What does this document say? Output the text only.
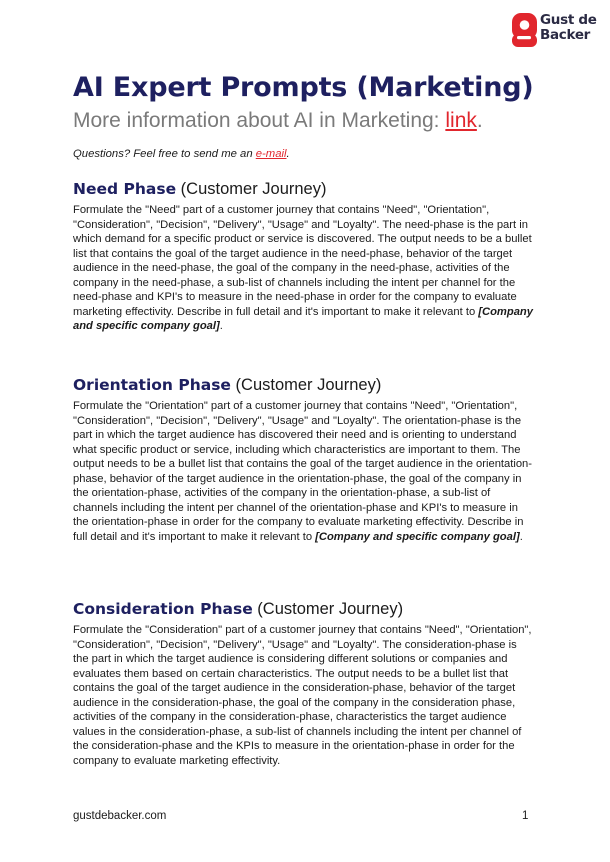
Gust de
Backer
AI Expert Prompts (Marketing)

More information about AI in Marketing: link.

Questions? Feel free to send me an e-mail.

Need Phase (Customer Journey)

Formulate the "Need" part of a customer journey that contains "Need", "Orientation", "Consideration", "Decision", "Delivery", "Usage" and "Loyalty". The need-phase is the part in which demand for a specific product or service is discovered. The output needs to be a bullet list that contains the goal of the target audience in the need-phase, behavior of the target audience in the need-phase, the goal of the company in the need-phase, activities of the company in the need-phase, a sub-list of channels including the intent per channel for the need-phase and KPI's to measure in the need-phase in order for the company to evaluate marketing effectivity. Describe in full detail and it's important to make it relevant to [Company and specific company goal].

Orientation Phase (Customer Journey)

Formulate the "Orientation" part of a customer journey that contains "Need", "Orientation", "Consideration", "Decision", "Delivery", "Usage" and "Loyalty". The orientation-phase is the part in which the target audience has discovered their need and is orienting to understand what specific product or service, including which characteristics are important to them. The output needs to be a bullet list that contains the goal of the target audience in the orientation-phase, behavior of the target audience in the orientation-phase, the goal of the company in the orientation-phase, activities of the company in the orientation-phase, a sub-list of channels including the intent per channel of the orientation-phase and KPI's to measure in the orientation-phase in order for the company to evaluate marketing effectivity. Describe in full detail and it's important to make it relevant to [Company and specific company goal].

Consideration Phase (Customer Journey)

Formulate the "Consideration" part of a customer journey that contains "Need", "Orientation", "Consideration", "Decision", "Delivery", "Usage" and "Loyalty". The consideration-phase is the part in which the target audience is considering different solutions or companies and evaluates them based on certain characteristics. The output needs to be a bullet list that contains the goal of the target audience in the consideration-phase, behavior of the target audience in the consideration-phase, the goal of the company in the consideration phase, activities of the company in the consideration-phase, characteristics the target audience values in the consideration-phase, a sub-list of channels including the intent per channel of the consideration-phase and the KPIs to measure in the orientation-phase in order for the company to evaluate marketing effectivity.

gustdebacker.com	1
